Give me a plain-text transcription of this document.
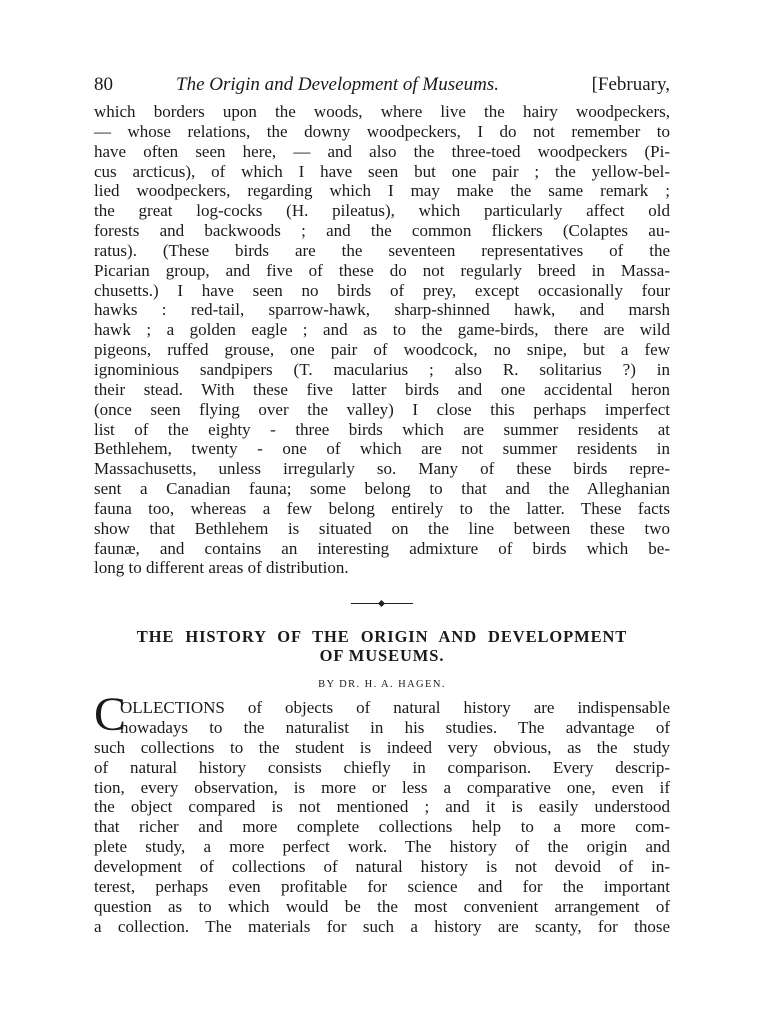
80	The Origin and Development of Museums.	[February,

which borders upon the woods, where live the hairy woodpeckers,
— whose relations, the downy woodpeckers, I do not remember to
have often seen here, — and also the three-toed woodpeckers (Pi-
cus arcticus), of which I have seen but one pair ; the yellow-bel-
lied woodpeckers, regarding which I may make the same remark ;
the great log-cocks (H. pileatus), which particularly affect old
forests and backwoods ; and the common flickers (Colaptes au-
ratus). (These birds are the seventeen representatives of the
Picarian group, and five of these do not regularly breed in Massa-
chusetts.) I have seen no birds of prey, except occasionally four
hawks : red-tail, sparrow-hawk, sharp-shinned hawk, and marsh
hawk ; a golden eagle ; and as to the game-birds, there are wild
pigeons, ruffed grouse, one pair of woodcock, no snipe, but a few
ignominious sandpipers (T. macularius ; also R. solitarius ?) in
their stead. With these five latter birds and one accidental heron
(once seen flying over the valley) I close this perhaps imperfect
list of the eighty - three birds which are summer residents at
Bethlehem, twenty - one of which are not summer residents in
Massachusetts, unless irregularly so. Many of these birds repre-
sent a Canadian fauna; some belong to that and the Alleghanian
fauna too, whereas a few belong entirely to the latter. These facts
show that Bethlehem is situated on the line between these two
faunæ, and contains an interesting admixture of birds which be-
long to different areas of distribution.

THE HISTORY OF THE ORIGIN AND DEVELOPMENT
OF MUSEUMS.
BY DR. H. A. HAGEN.
C
OLLECTIONS of objects of natural history are indispensable
nowadays to the naturalist in his studies. The advantage of
such collections to the student is indeed very obvious, as the study
of natural history consists chiefly in comparison. Every descrip-
tion, every observation, is more or less a comparative one, even if
the object compared is not mentioned ; and it is easily understood
that richer and more complete collections help to a more com-
plete study, a more perfect work. The history of the origin and
development of collections of natural history is not devoid of in-
terest, perhaps even profitable for science and for the important
question as to which would be the most convenient arrangement of
a collection. The materials for such a history are scanty, for those
